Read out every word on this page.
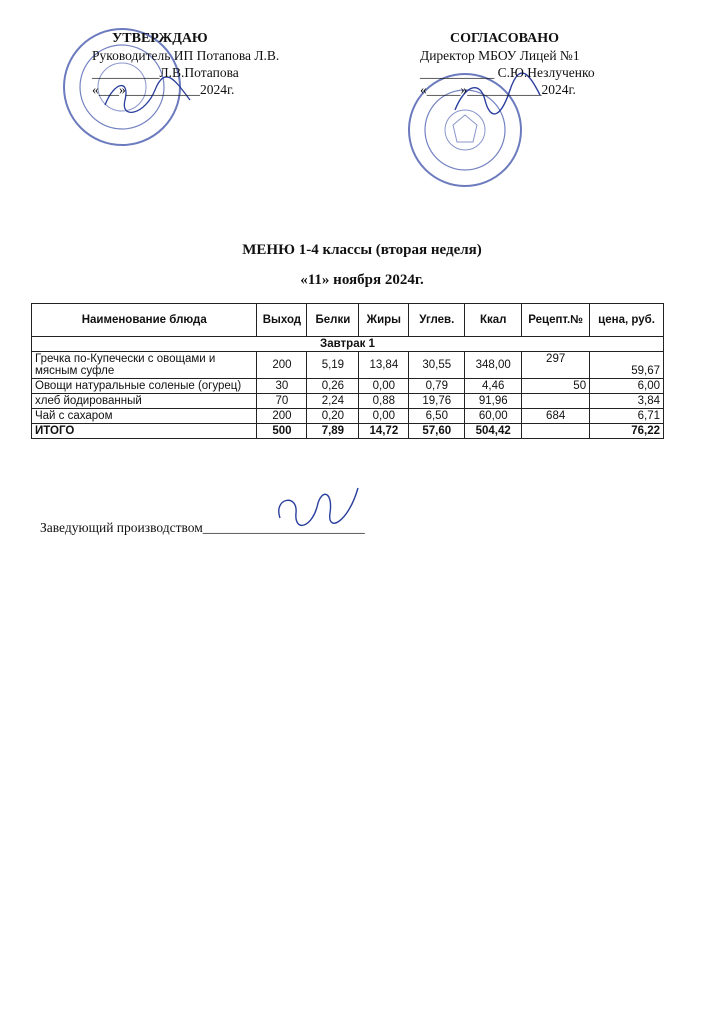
УТВЕРЖДАЮ
Руководитель ИП Потапова Л.В.
__________Л.В.Потапова
«___»___________2024г.
СОГЛАСОВАНО
Директор МБОУ Лицей №1
___________ С.Ю.Незлученко
«_____»___________2024г.
МЕНЮ 1-4 классы (вторая неделя)
«11» ноября 2024г.
Наименование блюда	Выход	Белки	Жиры	Углев.	Ккал	Рецепт.№	цена, руб.
Завтрак 1							
Гречка по-Купечески с овощами и мясным суфле	200	5,19	13,84	30,55	348,00	297	59,67
Овощи натуральные соленые (огурец)	30	0,26	0,00	0,79	4,46	50	6,00
хлеб йодированный	70	2,24	0,88	19,76	91,96		3,84
Чай с сахаром	200	0,20	0,00	6,50	60,00	684	6,71
ИТОГО	500	7,89	14,72	57,60	504,42		76,22
Заведующий производством________________________
